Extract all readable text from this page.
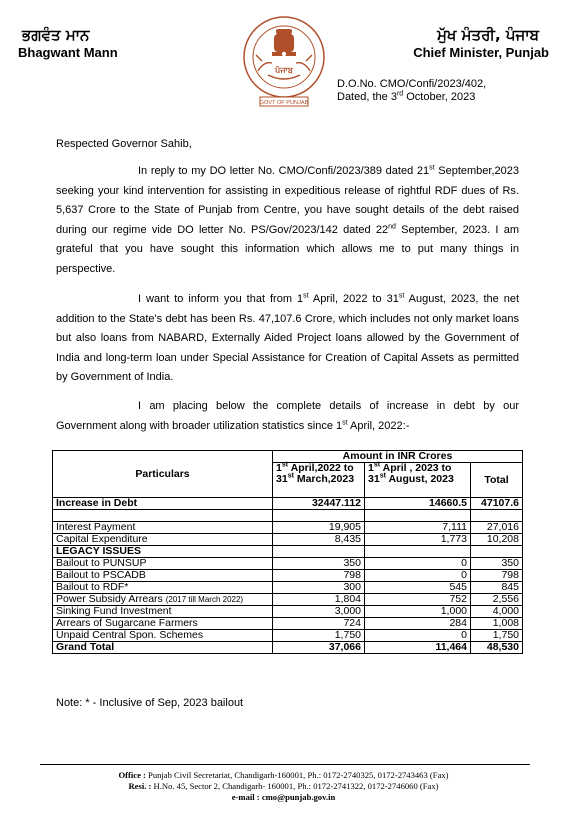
ਭਗਵੰਤ ਮਾਨ
Bhagwant Mann
ਮੁੱਖ ਮੰਤਰੀ, ਪੰਜਾਬ
Chief Minister, Punjab
ਪੰਜਾਬ
GOVT OF PUNJAB
D.O.No. CMO/Confi/2023/402,
Dated, the 3rd October, 2023
Respected Governor Sahib,
In reply to my DO letter No. CMO/Confi/2023/389 dated 21st September,2023 seeking your kind intervention for assisting in expeditious release of rightful RDF dues of Rs. 5,637 Crore to the State of Punjab from Centre, you have sought details of the debt raised during our regime vide DO letter No. PS/Gov/2023/142 dated 22nd September, 2023. I am grateful that you have sought this information which allows me to put many things in perspective.
I want to inform you that from 1st April, 2022 to 31st August, 2023, the net addition to the State's debt has been Rs. 47,107.6 Crore, which includes not only market loans but also loans from NABARD, Externally Aided Project loans allowed by the Government of India and long-term loan under Special Assistance for Creation of Capital Assets as permitted by Government of India.
I am placing below the complete details of increase in debt by our Government along with broader utilization statistics since 1st April, 2022:-
Particulars	Amount in INR Crores		
	1st April,2022 to 31st March,2023	1st April , 2023 to 31st August, 2023	Total
Increase in Debt	32447.112	14660.5	47107.6

Interest Payment	19,905	7,111	27,016
Capital Expenditure	8,435	1,773	10,208
LEGACY ISSUES			
Bailout to PUNSUP	350	0	350
Bailout to PSCADB	798	0	798
Bailout to RDF*	300	545	845
Power Subsidy Arrears (2017 till March 2022)	1,804	752	2,556
Sinking Fund Investment	3,000	1,000	4,000
Arrears of Sugarcane Farmers	724	284	1,008
Unpaid Central Spon. Schemes	1,750	0	1,750
Grand Total	37,066	11,464	48,530
Note: * - Inclusive of Sep, 2023 bailout
Office : Punjab Civil Secretariat, Chandigarh-160001, Ph.: 0172-2740325, 0172-2743463 (Fax)
Resi. : H.No. 45, Sector 2, Chandigarh- 160001, Ph.: 0172-2741322, 0172-2746060 (Fax)
e-mail : cmo@punjab.gov.in
